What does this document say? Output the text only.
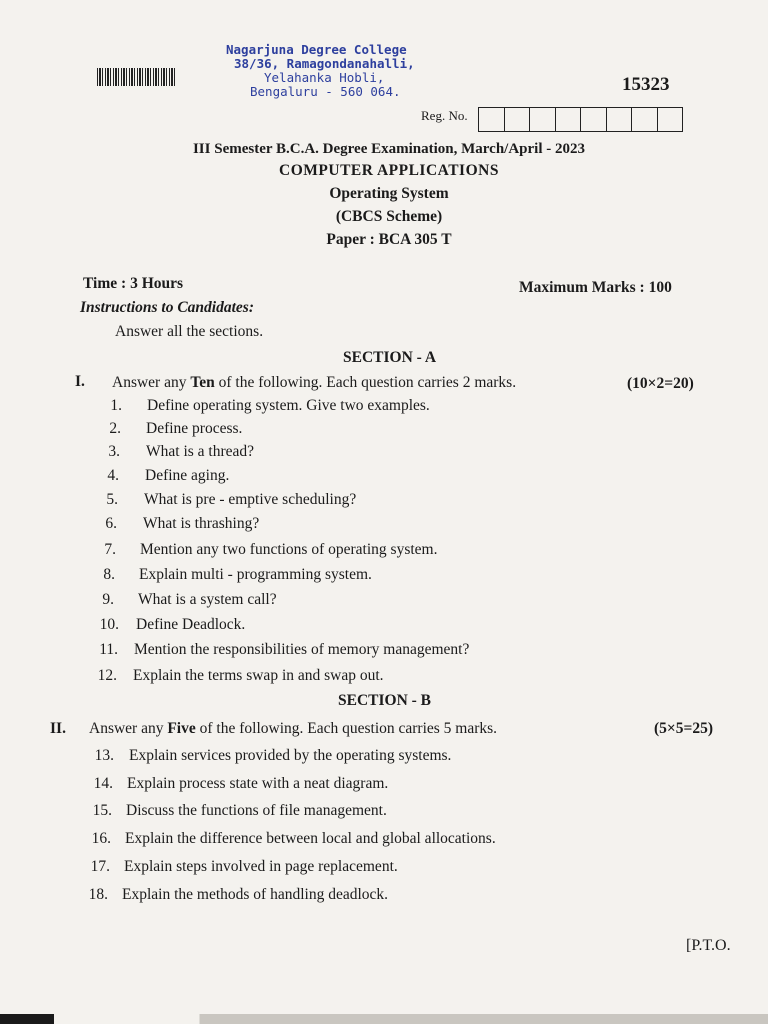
Nagarjuna Degree College
38/36, Ramagondanahalli,
Yelahanka Hobli,
Bengaluru - 560 064.	15323
Reg. No.
III Semester B.C.A. Degree Examination, March/April - 2023
COMPUTER APPLICATIONS
Operating System
(CBCS Scheme)
Paper : BCA 305 T
Time : 3 Hours	Maximum Marks : 100
Instructions to Candidates:
Answer all the sections.
SECTION - A
I. Answer any Ten of the following. Each question carries 2 marks.	(10×2=20)
1. Define operating system. Give two examples.
2. Define process.
3. What is a thread?
4. Define aging.
5. What is pre - emptive scheduling?
6. What is thrashing?
7. Mention any two functions of operating system.
8. Explain multi - programming system.
9. What is a system call?
10. Define Deadlock.
11. Mention the responsibilities of memory management?
12. Explain the terms swap in and swap out.
SECTION - B
II. Answer any Five of the following. Each question carries 5 marks.	(5×5=25)
13. Explain services provided by the operating systems.
14. Explain process state with a neat diagram.
15. Discuss the functions of file management.
16. Explain the difference between local and global allocations.
17. Explain steps involved in page replacement.
18. Explain the methods of handling deadlock.
[P.T.O.
